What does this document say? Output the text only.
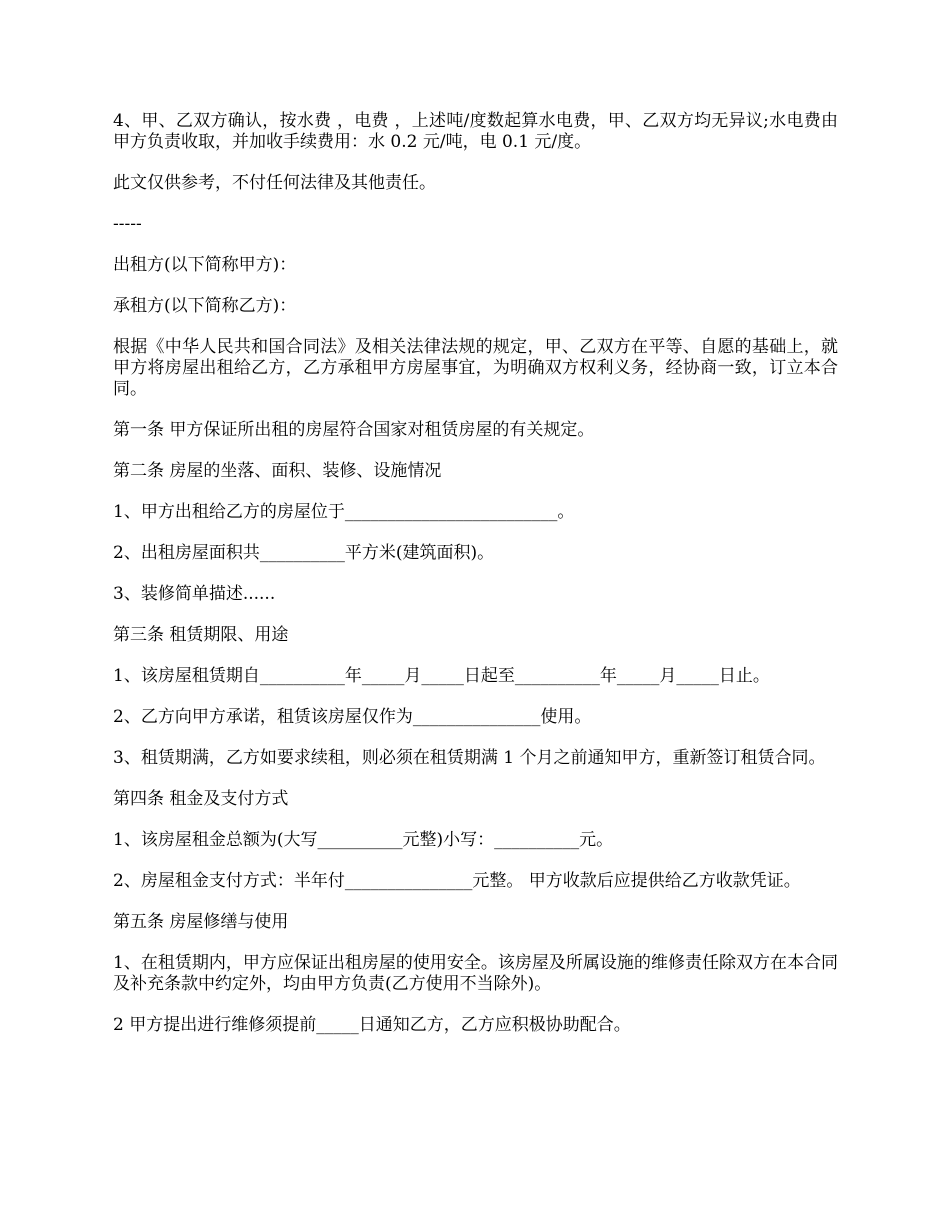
4、甲、乙双方确认，按水费 ，电费 ，上述吨/度数起算水电费，甲、乙双方均无异议;水电费由甲方负责收取，并加收手续费用：水 0.2 元/吨，电 0.1 元/度。

此文仅供参考，不付任何法律及其他责任。

-----

出租方(以下简称甲方)：

承租方(以下简称乙方)：

根据《中华人民共和国合同法》及相关法律法规的规定，甲、乙双方在平等、自愿的基础上，就甲方将房屋出租给乙方，乙方承租甲方房屋事宜，为明确双方权利义务，经协商一致，订立本合同。

第一条 甲方保证所出租的房屋符合国家对租赁房屋的有关规定。

第二条 房屋的坐落、面积、装修、设施情况

1、甲方出租给乙方的房屋位于_________________________。

2、出租房屋面积共__________平方米(建筑面积)。

3、装修简单描述......

第三条 租赁期限、用途

1、该房屋租赁期自__________年_____月_____日起至__________年_____月_____日止。

2、乙方向甲方承诺，租赁该房屋仅作为_______________使用。

3、租赁期满，乙方如要求续租，则必须在租赁期满 1 个月之前通知甲方，重新签订租赁合同。

第四条 租金及支付方式

1、该房屋租金总额为(大写__________元整)小写：__________元。

2、房屋租金支付方式：半年付_______________元整。 甲方收款后应提供给乙方收款凭证。

第五条 房屋修缮与使用

1、在租赁期内，甲方应保证出租房屋的使用安全。该房屋及所属设施的维修责任除双方在本合同及补充条款中约定外，均由甲方负责(乙方使用不当除外)。

2 甲方提出进行维修须提前_____日通知乙方，乙方应积极协助配合。
